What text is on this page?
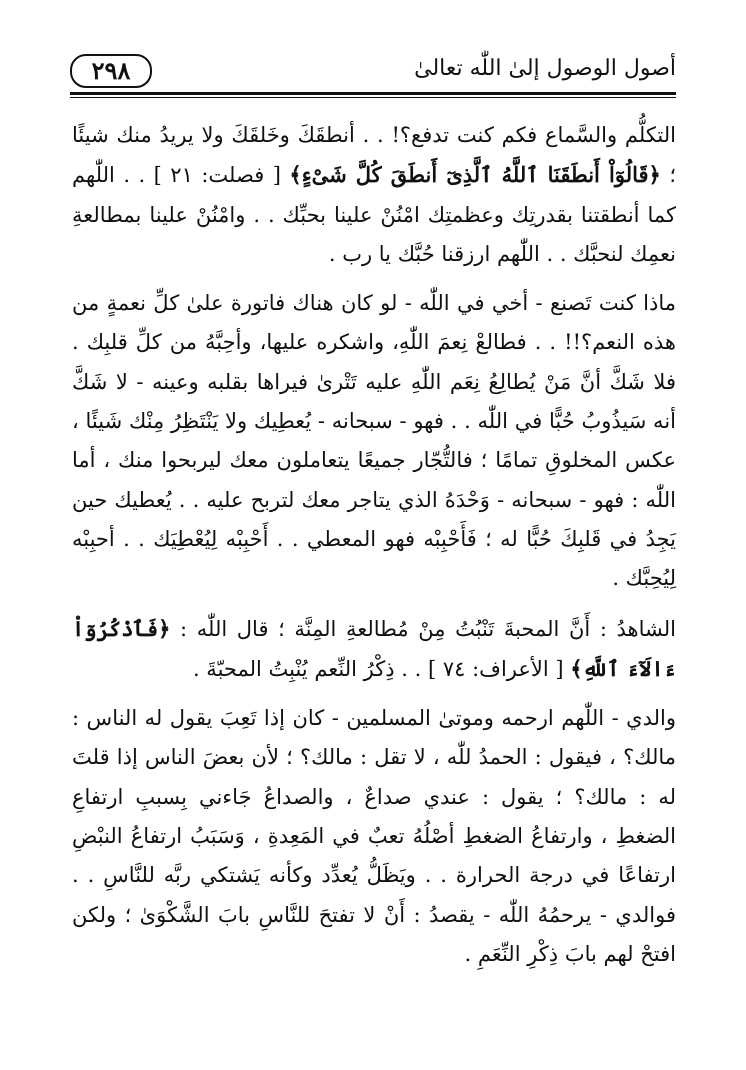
٢٩٨	أصول الوصول إلىٰ اللّٰه تعالىٰ

التكلُّم والسَّماع فكم كنت تدفع؟! . . أنطقَكَ وخَلقَكَ ولا يريدُ منك شيئًا ؛ ﴿قَالُوٓاْ أَنطَقَنَا ٱللَّهُ ٱلَّذِىٓ أَنطَقَ كُلَّ شَىْءٍ﴾ [ فصلت: ٢١ ] . . اللّٰهم كما أنطقتنا بقدرتِك وعظمتِك امْنُنْ علينا بحبِّك . . وامْنُنْ علينا بمطالعةِ نعمِك لنحبَّك . . اللّٰهم ارزقنا حُبَّك يا رب .

ماذا كنت تَصنع - أخي في اللّٰه - لو كان هناك فاتورة علىٰ كلِّ نعمةٍ من هذه النعم؟!! . . فطالعْ نِعمَ اللّٰهِ، واشكره عليها، وأحِبَّهُ من كلِّ قلبِك . فلا شَكَّ أنَّ مَنْ يُطالِعُ نِعَم اللّٰهِ عليه تَتْرىٰ فيراها بقلبه وعينه - لا شَكَّ أنه سَيذُوبُ حُبًّا في اللّٰه . . فهو - سبحانه - يُعطِيك ولا يَنْتَظِرُ مِنْك شَيئًا ، عكس المخلوقِ تمامًا ؛ فالتُّجّار جميعًا يتعاملون معك ليربحوا منك ، أما اللّٰه : فهو - سبحانه - وَحْدَهُ الذي يتاجر معك لتربح عليه . . يُعطيك حين يَجِدُ في قَلبِكَ حُبًّا له ؛ فَأَحْبِبْه فهو المعطي . . أَحْبِبْه لِيُعْطِيَك . . أحبِبْه لِيُحِبَّك .

الشاهدُ : أَنَّ المحبةَ تَنْبُتُ مِنْ مُطالعةِ المِنَّة ؛ قال اللّٰه : ﴿فَٱذْكُرُوٓاْ ءَالَآءَ ٱللَّهِ﴾ [ الأعراف: ٧٤ ] . . ذِكْرُ النِّعم يُنْبِتُ المحبّةَ .

والدي - اللّٰهم ارحمه وموتىٰ المسلمين - كان إذا تَعِبَ يقول له الناس : مالك؟ ، فيقول : الحمدُ للّٰه ، لا تقل : مالك؟ ؛ لأن بعضَ الناس إذا قلتَ له : مالك؟ ؛ يقول : عندي صداعٌ ، والصداعُ جَاءني بِسببِ ارتفاعِ الضغطِ ، وارتفاعُ الضغطِ أصْلُهُ تعبٌ في المَعِدةِ ، وَسَبَبُ ارتفاعُ النبْضِ ارتفاعًا في درجة الحرارة . . ويَظَلُّ يُعدِّد وكأنه يَشتكي ربَّه للنَّاسِ . . فوالدي - يرحمُهُ اللّٰه - يقصدُ : أَنْ لا تفتحَ للنَّاسِ بابَ الشَّكْوَىٰ ؛ ولكن افتحْ لهم بابَ ذِكْرِ النِّعَمِ .
